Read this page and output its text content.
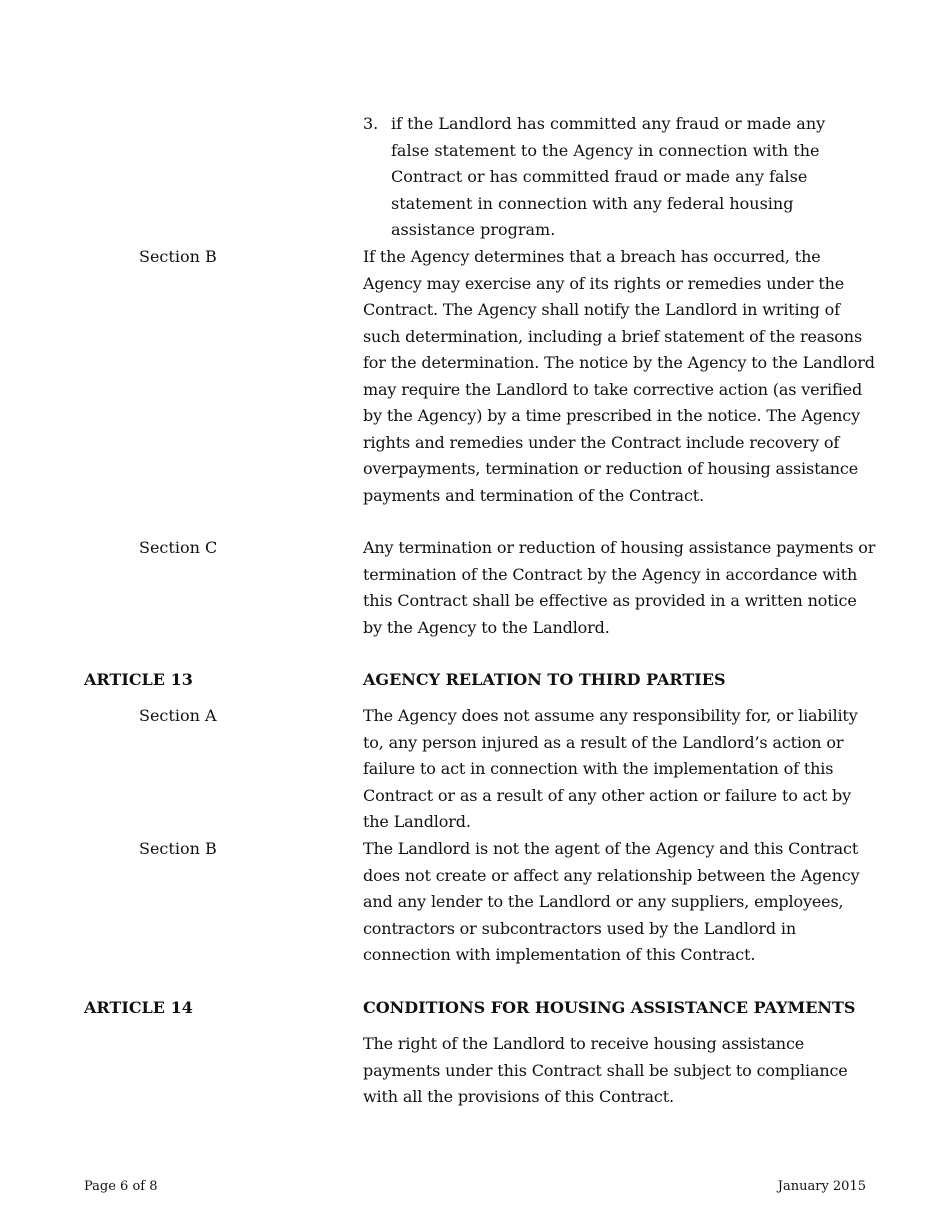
3. if the Landlord has committed any fraud or made any false statement to the Agency in connection with the Contract or has committed fraud or made any false statement in connection with any federal housing assistance program.
Section B	If the Agency determines that a breach has occurred, the Agency may exercise any of its rights or remedies under the Contract. The Agency shall notify the Landlord in writing of such determination, including a brief statement of the reasons for the determination. The notice by the Agency to the Landlord may require the Landlord to take corrective action (as verified by the Agency) by a time prescribed in the notice. The Agency rights and remedies under the Contract include recovery of overpayments, termination or reduction of housing assistance payments and termination of the Contract.
Section C	Any termination or reduction of housing assistance payments or termination of the Contract by the Agency in accordance with this Contract shall be effective as provided in a written notice by the Agency to the Landlord.
ARTICLE 13	AGENCY RELATION TO THIRD PARTIES
Section A	The Agency does not assume any responsibility for, or liability to, any person injured as a result of the Landlord’s action or failure to act in connection with the implementation of this Contract or as a result of any other action or failure to act by the Landlord.
Section B	The Landlord is not the agent of the Agency and this Contract does not create or affect any relationship between the Agency and any lender to the Landlord or any suppliers, employees, contractors or subcontractors used by the Landlord in connection with implementation of this Contract.
ARTICLE 14	CONDITIONS FOR HOUSING ASSISTANCE PAYMENTS
The right of the Landlord to receive housing assistance payments under this Contract shall be subject to compliance with all the provisions of this Contract.
Page 6 of 8	January 2015
